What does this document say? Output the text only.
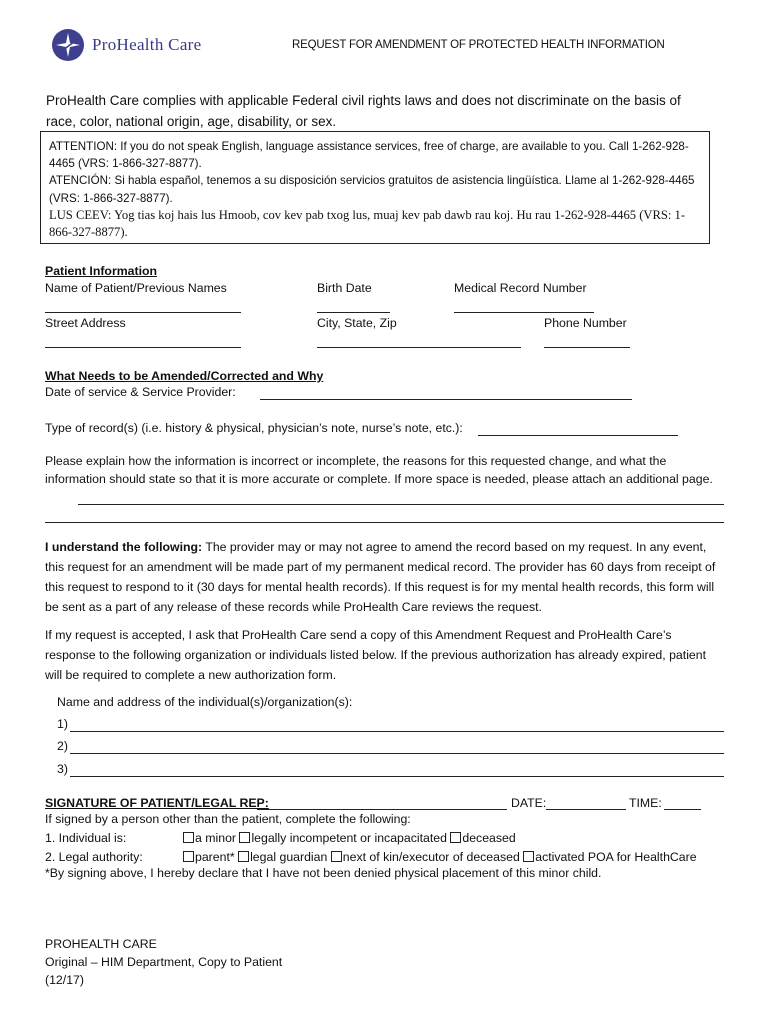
ProHealth Care	REQUEST FOR AMENDMENT OF PROTECTED HEALTH INFORMATION
ProHealth Care complies with applicable Federal civil rights laws and does not discriminate on the basis of race, color, national origin, age, disability, or sex.
ATTENTION: If you do not speak English, language assistance services, free of charge, are available to you. Call 1-262-928-4465 (VRS: 1-866-327-8877).
ATENCIÓN: Si habla español, tenemos a su disposición servicios gratuitos de asistencia lingüística. Llame al 1-262-928-4465 (VRS: 1-866-327-8877).
LUS CEEV: Yog tias koj hais lus Hmoob, cov kev pab txog lus, muaj kev pab dawb rau koj. Hu rau 1-262-928-4465 (VRS: 1-866-327-8877).
Patient Information
Name of Patient/Previous Names	Birth Date	Medical Record Number
Street Address	City, State, Zip	Phone Number
What Needs to be Amended/Corrected and Why
Date of service & Service Provider:
Type of record(s) (i.e. history & physical, physician’s note, nurse’s note, etc.):
Please explain how the information is incorrect or incomplete, the reasons for this requested change, and what the information should state so that it is more accurate or complete. If more space is needed, please attach an additional page.
I understand the following: The provider may or may not agree to amend the record based on my request. In any event, this request for an amendment will be made part of my permanent medical record. The provider has 60 days from receipt of this request to respond to it (30 days for mental health records). If this request is for my mental health records, this form will be sent as a part of any release of these records while ProHealth Care reviews the request.
If my request is accepted, I ask that ProHealth Care send a copy of this Amendment Request and ProHealth Care’s response to the following organization or individuals listed below. If the previous authorization has already expired, patient will be required to complete a new authorization form.
Name and address of the individual(s)/organization(s):
1)
2)
3)
SIGNATURE OF PATIENT/LEGAL REP:	DATE:	TIME:
If signed by a person other than the patient, complete the following:
1. Individual is:	a minor legally incompetent or incapacitated deceased
2. Legal authority:	parent* legal guardian next of kin/executor of deceased activated POA for HealthCare
*By signing above, I hereby declare that I have not been denied physical placement of this minor child.
PROHEALTH CARE
Original – HIM Department, Copy to Patient
(12/17)
